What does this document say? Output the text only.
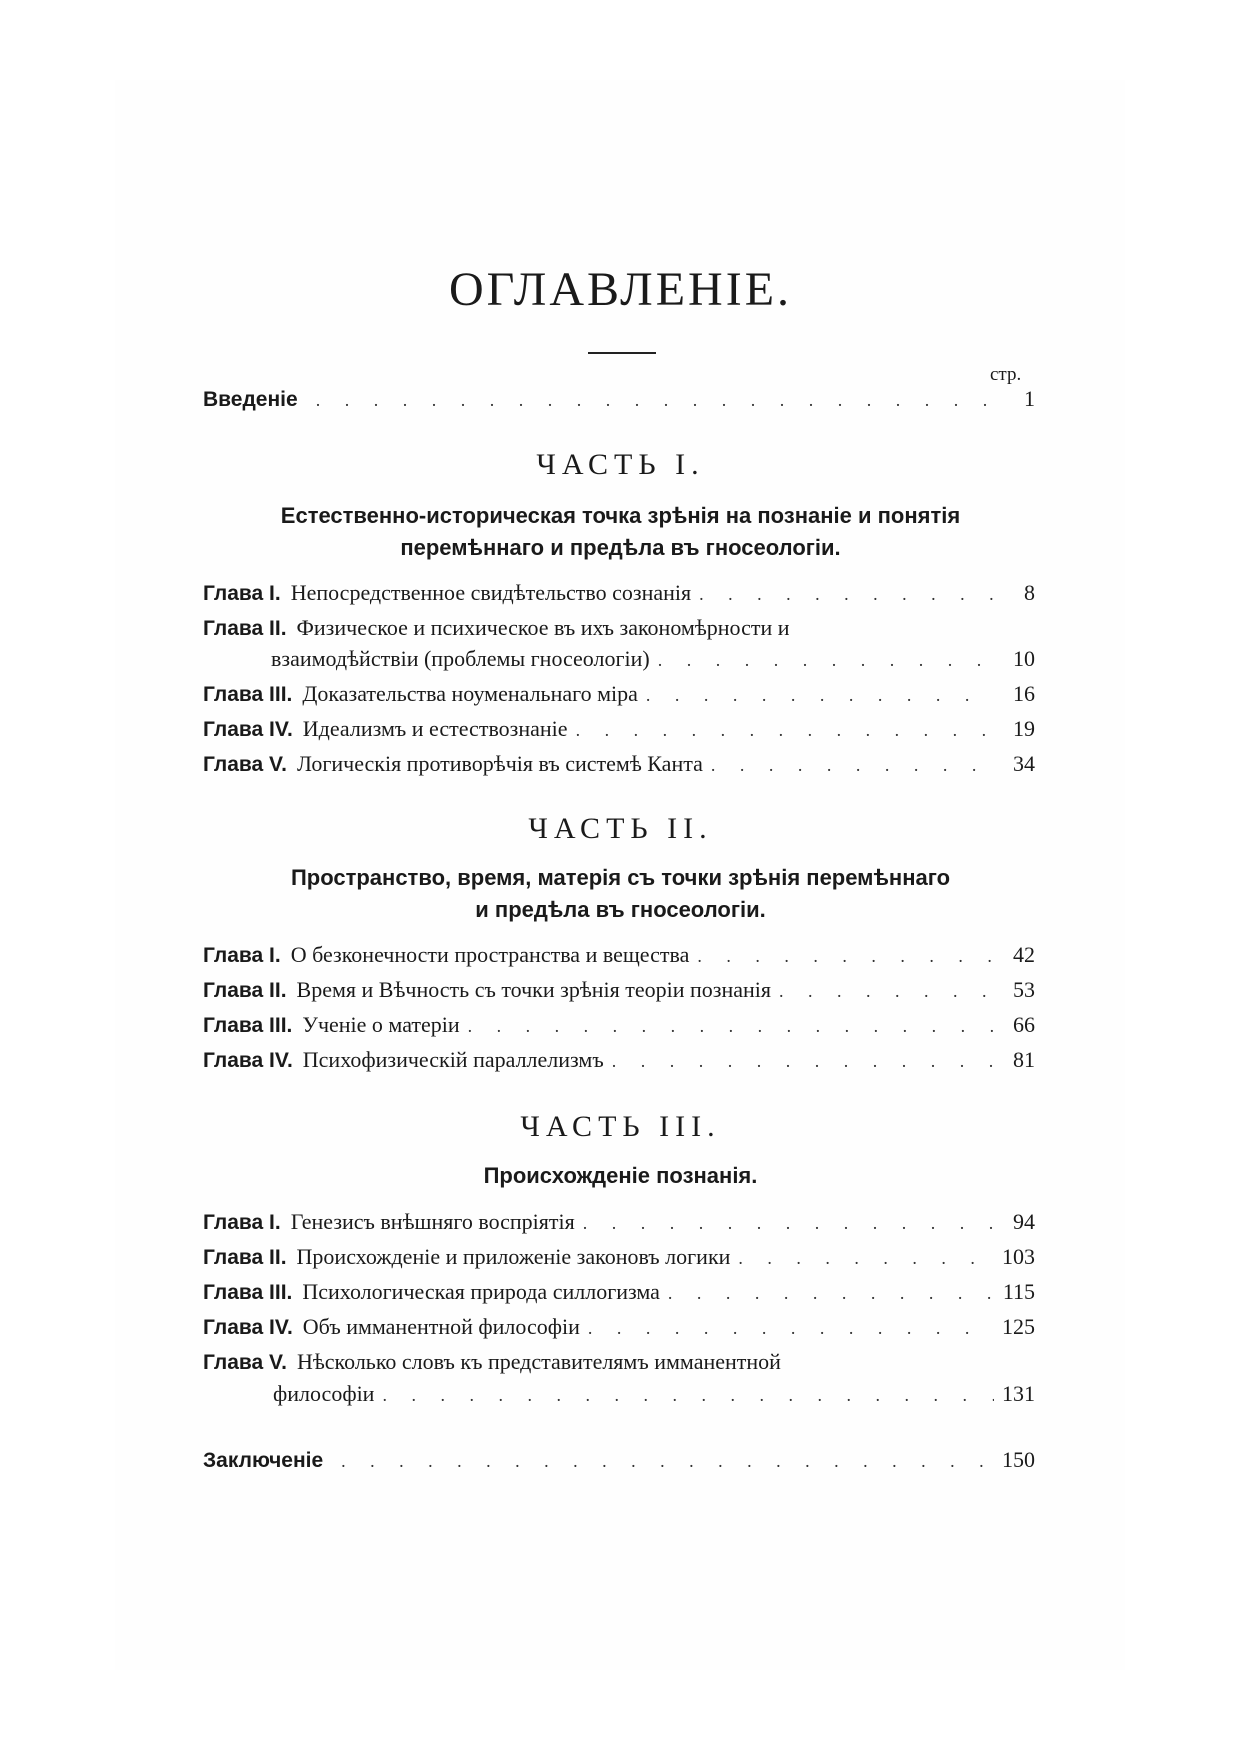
ОГЛАВЛЕНІЕ.
стр.
Введеніе . . .	1
ЧАСТЬ I.
Естественно-историческая точка зрѣнія на познаніе и понятія
перемѣннаго и предѣла въ гносеологіи.
Глава I. Непосредственное свидѣтельство сознанія . . .	8
Глава II. Физическое и психическое въ ихъ закономѣрности и
взаимодѣйствіи (проблемы гносеологіи) . . .	10
Глава III. Доказательства ноуменальнаго міра . . .	16
Глава IV. Идеализмъ и естествознаніе . . .	19
Глава V. Логическія противорѣчія въ системѣ Канта . . .	34
ЧАСТЬ II.
Пространство, время, матерія съ точки зрѣнія перемѣннаго
и предѣла въ гносеологіи.
Глава I. О безконечности пространства и вещества . . .	42
Глава II. Время и Вѣчность съ точки зрѣнія теоріи познанія . . .	53
Глава III. Ученіе о матеріи . . .	66
Глава IV. Психофизическій параллелизмъ . . .	81
ЧАСТЬ III.
Происхожденіе познанія.
Глава I. Генезисъ внѣшняго воспріятія . . .	94
Глава II. Происхожденіе и приложеніе законовъ логики . . .	103
Глава III. Психологическая природа силлогизма . . .	115
Глава IV. Объ имманентной философіи . . .	125
Глава V. Нѣсколько словъ къ представителямъ имманентной
философіи . . .	131
Заключеніе . . .	150
